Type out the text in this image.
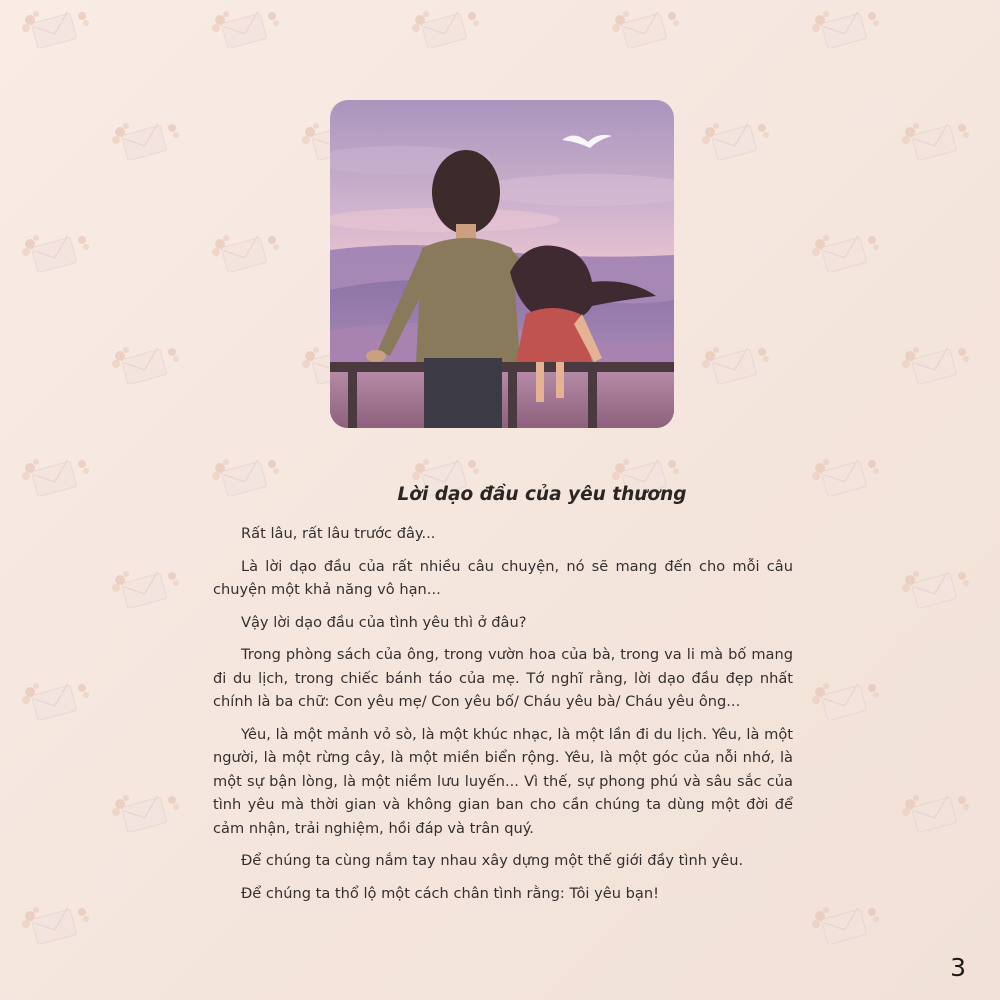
Lời dạo đầu của yêu thương

Rất lâu, rất lâu trước đây...

Là lời dạo đầu của rất nhiều câu chuyện, nó sẽ mang đến cho mỗi câu chuyện một khả năng vô hạn...

Vậy lời dạo đầu của tình yêu thì ở đâu?

Trong phòng sách của ông, trong vườn hoa của bà, trong va li mà bố mang đi du lịch, trong chiếc bánh táo của mẹ. Tớ nghĩ rằng, lời dạo đầu đẹp nhất chính là ba chữ: Con yêu mẹ/ Con yêu bố/ Cháu yêu bà/ Cháu yêu ông...

Yêu, là một mảnh vỏ sò, là một khúc nhạc, là một lần đi du lịch. Yêu, là một người, là một rừng cây, là một miền biển rộng. Yêu, là một góc của nỗi nhớ, là một sự bận lòng, là một niềm lưu luyến... Vì thế, sự phong phú và sâu sắc của tình yêu mà thời gian và không gian ban cho cần chúng ta dùng một đời để cảm nhận, trải nghiệm, hồi đáp và trân quý.

Để chúng ta cùng nắm tay nhau xây dựng một thế giới đầy tình yêu.

Để chúng ta thổ lộ một cách chân tình rằng: Tôi yêu bạn!

3
